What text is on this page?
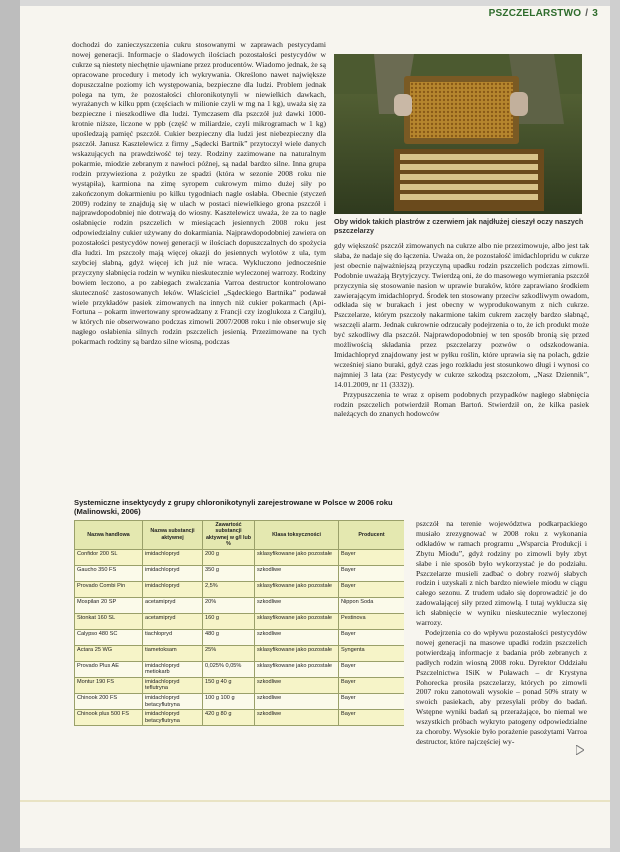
PSZCZELARSTWO / 3

dochodzi do zanieczyszczenia cukru stosowanymi w zaprawach pestycydami nowej generacji. Informacje o śladowych ilościach pozostałości pestycydów w cukrze są niestety niechętnie ujawniane przez producentów. Wiadomo jednak, że są opracowane procedury i metody ich wykrywania. Określono nawet największe dopuszczalne poziomy ich występowania, bezpieczne dla ludzi. Problem jednak polega na tym, że pozostałości chloronikotynyli w niewielkich dawkach, wyrażanych w kilku ppm (częściach w milionie czyli w mg na 1 kg), uważa się za bezpieczne i nieszkodliwe dla ludzi. Tymczasem dla pszczół już dawki 1000-krotnie niższe, liczone w ppb (część w miliardzie, czyli mikrogramach w 1 kg) upośledzają pamięć pszczół. Cukier bezpieczny dla ludzi jest niebezpieczny dla pszczół. Janusz Kasztelewicz z firmy „Sądecki Bartnik” przytoczył wiele danych wskazujących na prawdziwość tej tezy. Rodziny zazimowane na naturalnym pokarmie, miodzie zebranym z nawłoci późnej, są nadal bardzo silne. Inna grupa rodzin przywieziona z pożytku ze spadzi (która w sezonie 2008 roku nie wystąpiła), karmiona na zimę syropem cukrowym mimo dużej siły po zakończonym dokarmieniu po kilku tygodniach nagle osłabła. Obecnie (styczeń 2009) rodziny te znajdują się w ulach w postaci niewielkiego grona pszczół i najprawdopodobniej nie dotrwają do wiosny. Kasztelewicz uważa, że za to nagłe osłabnięcie rodzin pszczelich w miesiącach jesiennych 2008 roku jest odpowiedzialny cukier używany do dokarmiania. Najprawdopodobniej zawiera on pozostałości pestycydów nowej generacji w ilościach dopuszczalnych do spożycia dla ludzi. Im pszczoły mają więcej okazji do jesiennych wylotów z ula, tym szybciej słabną, gdyż więcej ich już nie wraca. Wykluczono jednocześnie przyczyny słabnięcia rodzin w wyniku nieskutecznie wyleczonej warrozy. Rodziny bowiem leczono, a po zabiegach zwalczania Varroa destructor kontrolowano skuteczność zastosowanych leków. Właściciel „Sądeckiego Bartnika” podawał wiele przykładów pasiek zimowanych na innych niż cukier pokarmach (Api-Fortuna – pokarm inwertowany sprowadzany z Francji czy izoglukoza z Cargilu), w których nie obserwowano podczas zimowli 2007/2008 roku i nie obserwuje się nagłego osłabienia silnych rodzin pszczelich jesienią. Przezimowane na tych pokarmach rodziny są bardzo silne wiosną, podczas

Oby widok takich plastrów z czerwiem jak najdłużej cieszył oczy naszych pszczelarzy

gdy większość pszczół zimowanych na cukrze albo nie przezimowuje, albo jest tak słaba, że nadaje się do łączenia. Uważa on, że pozostałość imidachlopridu w cukrze jest obecnie najważniejszą przyczyną upadku rodzin pszczelich podczas zimowli. Podobnie uważają Brytyjczycy. Twierdzą oni, że do masowego wymierania pszczół przyczynia się stosowanie nasion w uprawie buraków, które zaprawiano środkiem zawierającym imidachlopryd. Środek ten stosowany przeciw szkodliwym owadom, odkłada się w burakach i jest obecny w wyprodukowanym z nich cukrze. Pszczelarze, którym pszczoły nakarmione takim cukrem zaczęły bardzo słabnąć, wszczęli alarm. Jednak cukrownie odrzucały podejrzenia o to, że ich produkt może być szkodliwy dla pszczół. Najprawdopodobniej w ten sposób bronią się przed możliwością składania przez pszczelarzy pozwów o odszkodowania. Imidachlopryd znajdowany jest w pyłku roślin, które uprawia się na polach, gdzie wcześniej siano buraki, gdyż czas jego rozkładu jest stosunkowo długi i wynosi co najmniej 3 lata (za: Pestycydy w cukrze szkodzą pszczołom, „Nasz Dziennik”, 14.01.2009, nr 11 (3332)).

Przypuszczenia te wraz z opisem podobnych przypadków nagłego słabnięcia rodzin pszczelich potwierdził Roman Bartoń. Stwierdził on, że kilka pasiek należących do znanych hodowców

Systemiczne insektycydy z grupy chloronikotynyli zarejestrowane w Polsce w 2006 roku (Malinowski, 2006)
Nazwa handlowa	Nazwa substancji aktywnej	Zawartość substancji aktywnej w g/l lub %	Klasa toksyczności	Producent
Confidor 200 SL	imidachlopryd	200 g	sklasyfikowane jako pozostałe	Bayer
Gaucho 350 FS	imidachlopryd	350 g	szkodliwe	Bayer
Provado Combi Pin	imidachlopryd	2,5%	sklasyfikowane jako pozostałe	Bayer
Mospilan 20 SP	acetamipryd	20%	szkodliwe	Nippon Soda
Stonkat 160 SL	acetamipryd	160 g	sklasyfikowane jako pozostałe	Pestinova
Calypso 480 SC	tiachlopryd	480 g	szkodliwe	Bayer
Actara 25 WG	tiametoksam	25%	sklasyfikowane jako pozostałe	Syngenta
Provado Plus AE	imidachlopryd metiokarb	0,025% 0,05%	sklasyfikowane jako pozostałe	Bayer
Montur 190 FS	imidachlopryd teflutryna	150 g 40 g	szkodliwe	Bayer
Chinook 200 FS	imidachlopryd betacyflutryna	100 g 100 g	szkodliwe	Bayer
Chinook plus 500 FS	imidachlopryd betacyflutryna	420 g 80 g	szkodliwe	Bayer

pszczół na terenie województwa podkarpackiego musiało zrezygnować w 2008 roku z wykonania odkładów w ramach programu „Wsparcia Produkcji i Zbytu Miodu”, gdyż rodziny po zimowli były zbyt słabe i nie sposób było wykorzystać je do podziału. Pszczelarze musieli zadbać o dobry rozwój słabych rodzin i uzyskali z nich bardzo niewiele miodu w ciągu całego sezonu. Z trudem udało się doprowadzić je do zadowalającej siły przed zimowlą. I tutaj wyklucza się ich słabnięcie w wyniku nieskutecznie wyleczonej warrozy.

Podejrzenia co do wpływu pozostałości pestycydów nowej generacji na masowe upadki rodzin pszczelich potwierdzają informacje z badania prób zebranych z padłych rodzin wiosną 2008 roku. Dyrektor Oddziału Pszczelnictwa ISiK w Puławach – dr Krystyna Pohorecka prosiła pszczelarzy, których po zimowli 2007 roku zanotowali wysokie – ponad 50% straty w swoich pasiekach, aby przesyłali próby do badań. Wstępne wyniki badań są przerażające, bo niemal we wszystkich próbach wykryto patogeny odpowiedzialne za choroby. Wysokie było porażenie pasożytami Varroa destructor, które najczęściej wy-
